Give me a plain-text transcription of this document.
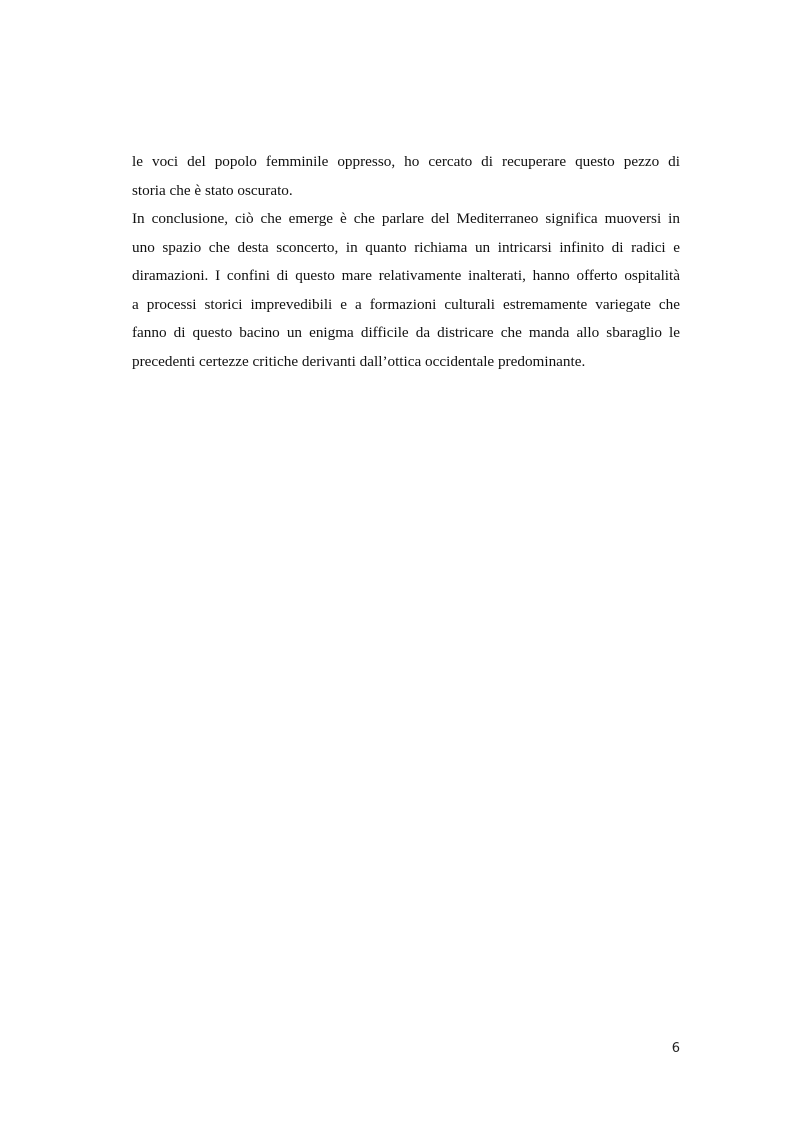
le voci del popolo femminile oppresso, ho cercato di recuperare questo pezzo di
storia che è stato oscurato.
In conclusione, ciò che emerge è che parlare del Mediterraneo significa muoversi in
uno spazio che desta sconcerto, in quanto richiama un intricarsi infinito di radici e
diramazioni. I confini di questo mare relativamente inalterati, hanno offerto ospitalità
a processi storici imprevedibili e a formazioni culturali estremamente variegate che
fanno di questo bacino un enigma difficile da districare che manda allo sbaraglio le
precedenti certezze critiche derivanti dall’ottica occidentale predominante.
6
